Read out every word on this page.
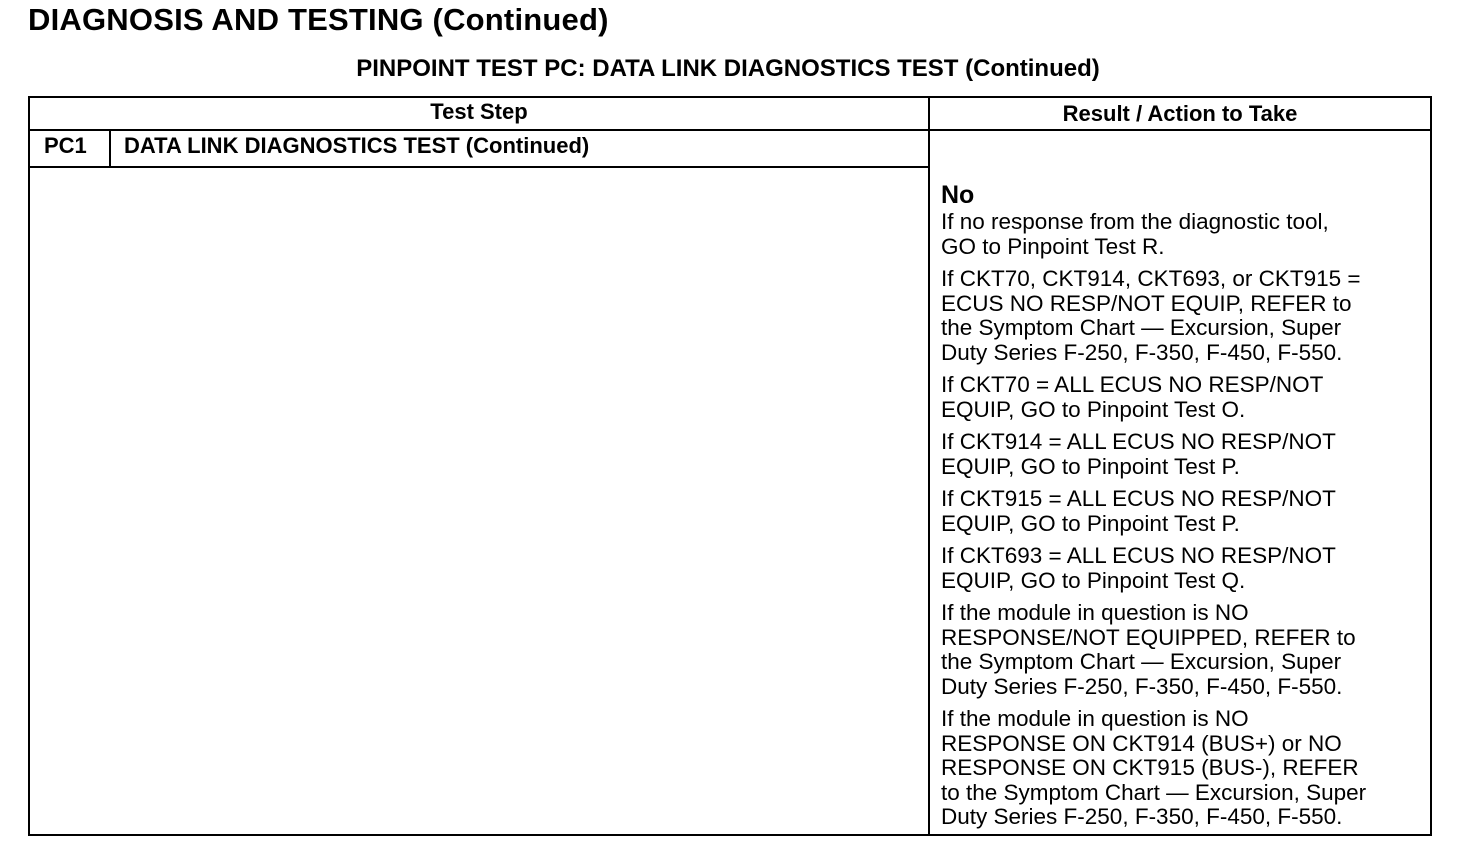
DIAGNOSIS AND TESTING (Continued)
PINPOINT TEST PC: DATA LINK DIAGNOSTICS TEST (Continued)
Test Step	Result / Action to Take
PC1 DATA LINK DIAGNOSTICS TEST (Continued)

No

If no response from the diagnostic tool,
GO to Pinpoint Test R.

If CKT70, CKT914, CKT693, or CKT915 =
ECUS NO RESP/NOT EQUIP, REFER to
the Symptom Chart — Excursion, Super
Duty Series F-250, F-350, F-450, F-550.

If CKT70 = ALL ECUS NO RESP/NOT
EQUIP, GO to Pinpoint Test O.

If CKT914 = ALL ECUS NO RESP/NOT
EQUIP, GO to Pinpoint Test P.

If CKT915 = ALL ECUS NO RESP/NOT
EQUIP, GO to Pinpoint Test P.

If CKT693 = ALL ECUS NO RESP/NOT
EQUIP, GO to Pinpoint Test Q.

If the module in question is NO
RESPONSE/NOT EQUIPPED, REFER to
the Symptom Chart — Excursion, Super
Duty Series F-250, F-350, F-450, F-550.

If the module in question is NO
RESPONSE ON CKT914 (BUS+) or NO
RESPONSE ON CKT915 (BUS-), REFER
to the Symptom Chart — Excursion, Super
Duty Series F-250, F-350, F-450, F-550.
